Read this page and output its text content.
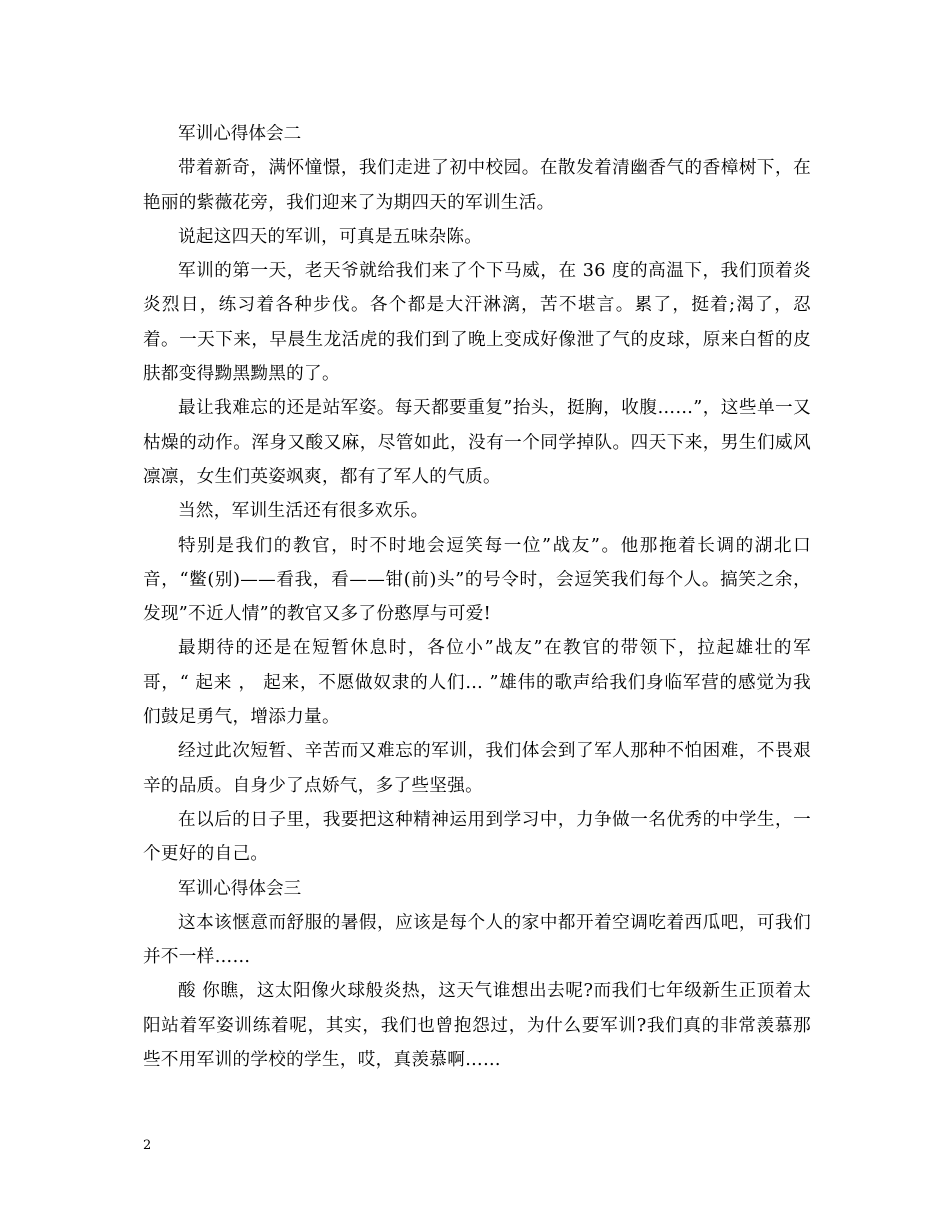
军训心得体会二

带着新奇，满怀憧憬，我们走进了初中校园。在散发着清幽香气的香樟树下，在艳丽的紫薇花旁，我们迎来了为期四天的军训生活。

说起这四天的军训，可真是五味杂陈。

军训的第一天，老天爷就给我们来了个下马威，在 36 度的高温下，我们顶着炎炎烈日，练习着各种步伐。各个都是大汗淋漓，苦不堪言。累了，挺着;渴了，忍着。一天下来，早晨生龙活虎的我们到了晚上变成好像泄了气的皮球，原来白皙的皮肤都变得黝黑黝黑的了。

最让我难忘的还是站军姿。每天都要重复”抬头，挺胸，收腹……”，这些单一又枯燥的动作。浑身又酸又麻，尽管如此，没有一个同学掉队。四天下来，男生们威风凛凛，女生们英姿飒爽，都有了军人的气质。

当然，军训生活还有很多欢乐。

特别是我们的教官，时不时地会逗笑每一位”战友”。他那拖着长调的湖北口音，“鳖(别)——看我，看——钳(前)头”的号令时，会逗笑我们每个人。搞笑之余，发现”不近人情”的教官又多了份憨厚与可爱!

最期待的还是在短暂休息时，各位小”战友”在教官的带领下，拉起雄壮的军哥，“ 起来 ， 起来，不愿做奴隶的人们… ”雄伟的歌声给我们身临军营的感觉为我们鼓足勇气，增添力量。

经过此次短暂、辛苦而又难忘的军训，我们体会到了军人那种不怕困难，不畏艰辛的品质。自身少了点娇气，多了些坚强。

在以后的日子里，我要把这种精神运用到学习中，力争做一名优秀的中学生，一个更好的自己。

军训心得体会三

这本该惬意而舒服的暑假，应该是每个人的家中都开着空调吃着西瓜吧，可我们并不一样……

酸 你瞧，这太阳像火球般炎热，这天气谁想出去呢?而我们七年级新生正顶着太阳站着军姿训练着呢，其实，我们也曾抱怨过，为什么要军训?我们真的非常羡慕那些不用军训的学校的学生，哎，真羡慕啊……

2
